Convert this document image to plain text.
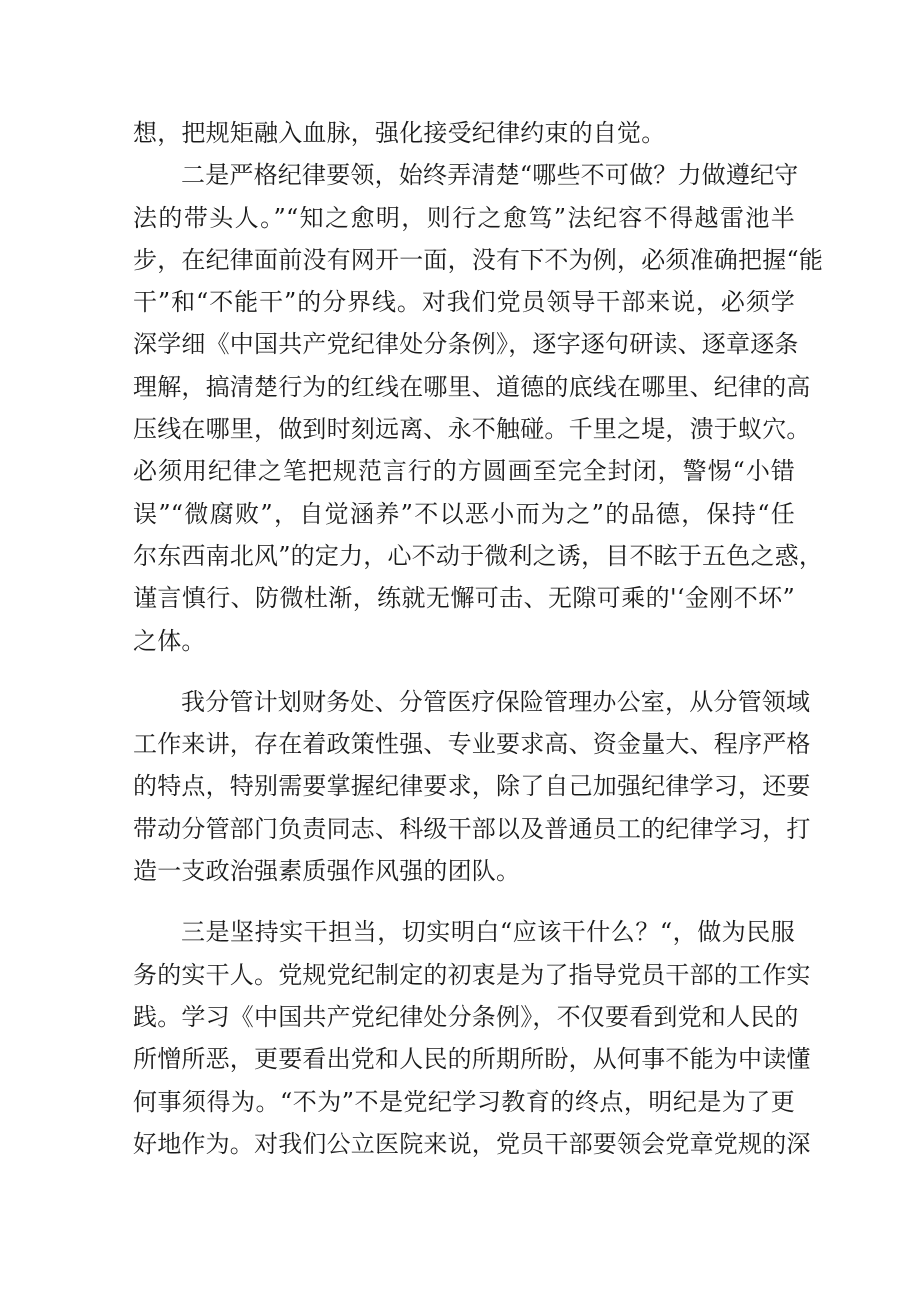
想，把规矩融入血脉，强化接受纪律约束的自觉。
二是严格纪律要领，始终弄清楚“哪些不可做？力做遵纪守
法的带头人。”“知之愈明，则行之愈笃”法纪容不得越雷池半
步，在纪律面前没有网开一面，没有下不为例，必须准确把握“能
干”和“不能干”的分界线。对我们党员领导干部来说，必须学
深学细《中国共产党纪律处分条例》，逐字逐句研读、逐章逐条
理解，搞清楚行为的红线在哪里、道德的底线在哪里、纪律的高
压线在哪里，做到时刻远离、永不触碰。千里之堤，溃于蚁穴。
必须用纪律之笔把规范言行的方圆画至完全封闭，警惕“小错
误”“微腐败”，自觉涵养”不以恶小而为之”的品德，保持“任
尔东西南北风”的定力，心不动于微利之诱，目不眩于五色之惑，
谨言慎行、防微杜渐，练就无懈可击、无隙可乘的'‘金刚不坏”
之体。
我分管计划财务处、分管医疗保险管理办公室，从分管领域
工作来讲，存在着政策性强、专业要求高、资金量大、程序严格
的特点，特别需要掌握纪律要求，除了自己加强纪律学习，还要
带动分管部门负责同志、科级干部以及普通员工的纪律学习，打
造一支政治强素质强作风强的团队。
三是坚持实干担当，切实明白“应该干什么？“，做为民服
务的实干人。党规党纪制定的初衷是为了指导党员干部的工作实
践。学习《中国共产党纪律处分条例》，不仅要看到党和人民的
所憎所恶，更要看出党和人民的所期所盼，从何事不能为中读懂
何事须得为。“不为”不是党纪学习教育的终点，明纪是为了更
好地作为。对我们公立医院来说，党员干部要领会党章党规的深
